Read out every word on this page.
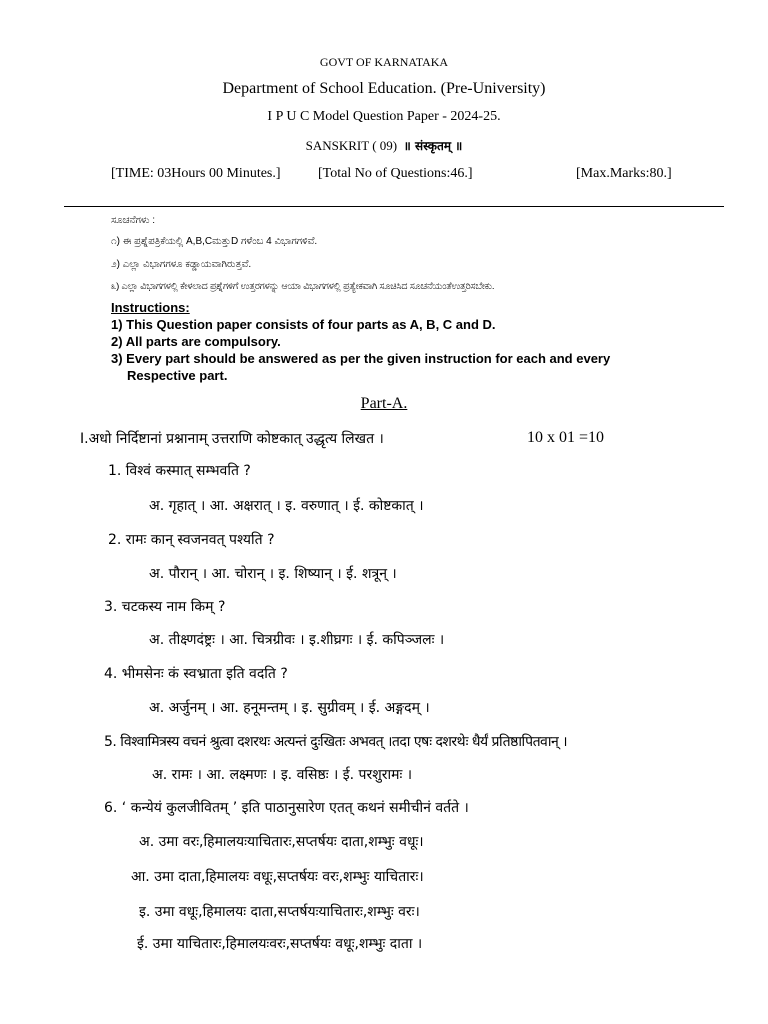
GOVT OF KARNATAKA
Department of School Education. (Pre-University)
I P U C Model Question Paper - 2024-25.
SANSKRIT ( 09) ॥ संस्कृतम् ॥
[TIME: 03Hours 00 Minutes.]	[Total No of Questions:46.]	[Max.Marks:80.]
ಸೂಚನೆಗಳು :
೧) ಈ ಪ್ರಶ್ನೆಪತ್ರಿಕೆಯಲ್ಲಿ A,B,Cಮತ್ತುD ಗಳೆಂಬ 4 ವಿಭಾಗಗಳಿವೆ.
೨) ಎಲ್ಲಾ ವಿಭಾಗಗಳೂ ಕಡ್ಡಾಯವಾಗಿರುತ್ತವೆ.
೩) ಎಲ್ಲಾ ವಿಭಾಗಗಳಲ್ಲಿ ಕೇಳಲಾದ ಪ್ರಶ್ನೆಗಳಿಗೆ ಉತ್ತರಗಳನ್ನು ಆಯಾ ವಿಭಾಗಗಳಲ್ಲಿ ಪ್ರತ್ಯೇಕವಾಗಿ ಸೂಚಿಸಿದ ಸೂಚನೆಯಂತೆಉತ್ತರಿಸಬೇಕು.
Instructions:
1) This Question paper consists of four parts as A, B, C and D.
2) All parts are compulsory.
3) Every part should be answered as per the given instruction for each and every
Respective part.
Part-A.
I.अधो निर्दिष्टानां प्रश्नानाम् उत्तराणि कोष्टकात् उद्धृत्य लिखत ।	10 x 01 =10
1. विश्वं कस्मात् सम्भवति ?
अ. गृहात् । आ. अक्षरात् । इ. वरुणात् । ई. कोष्टकात् ।
2. रामः कान् स्वजनवत् पश्यति ?
अ. पौरान् । आ. चोरान् । इ. शिष्यान् । ई. शत्रून् ।
3. चटकस्य नाम किम् ?
अ. तीक्ष्णदंष्ट्रः । आ. चित्रग्रीवः । इ.शीघ्रगः । ई. कपिञ्जलः ।
4. भीमसेनः कं स्वभ्राता इति वदति ?
अ. अर्जुनम् । आ. हनूमन्तम् । इ. सुग्रीवम् । ई. अङ्गदम् ।
5. विश्वामित्रस्य वचनं श्रुत्वा दशरथः अत्यन्तं दुःखितः अभवत् ।तदा एषः दशरथेः धैर्यं प्रतिष्ठापितवान् ।
अ. रामः । आ. लक्ष्मणः । इ. वसिष्ठः । ई. परशुरामः ।
6. ‘ कन्येयं कुलजीवितम् ’ इति पाठानुसारेण एतत् कथनं समीचीनं वर्तते ।
अ. उमा वरः,हिमालयःयाचितारः,सप्तर्षयः दाता,शम्भुः वधूः।
आ. उमा दाता,हिमालयः वधूः,सप्तर्षयः वरः,शम्भुः याचितारः।
इ. उमा वधूः,हिमालयः दाता,सप्तर्षयःयाचितारः,शम्भुः वरः।
ई. उमा याचितारः,हिमालयःवरः,सप्तर्षयः वधूः,शम्भुः दाता ।
